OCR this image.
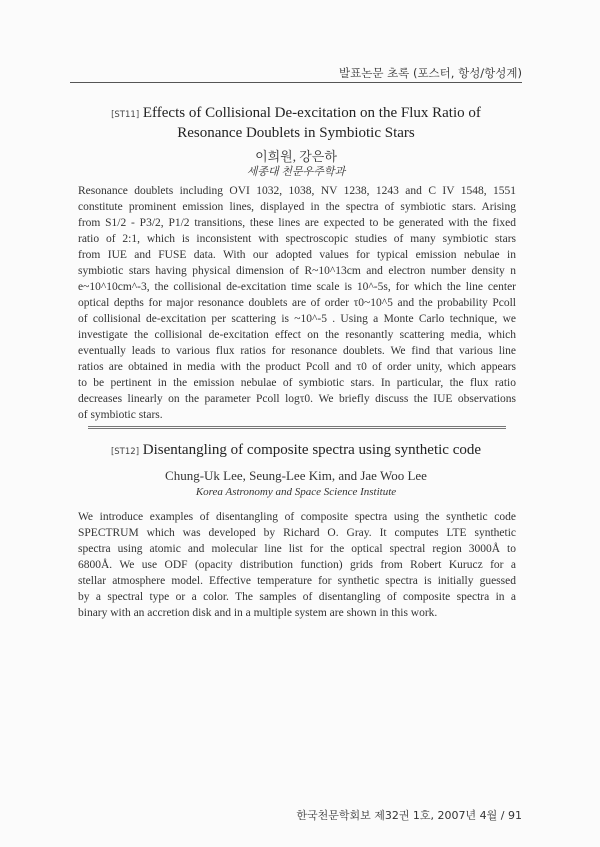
발표논문 초록 (포스터, 항성/항성계)
[ST11] Effects of Collisional De-excitation on the Flux Ratio of
Resonance Doublets in Symbiotic Stars
이희원, 강은하
세종대 천문우주학과
Resonance doublets including OVI 1032, 1038, NV 1238, 1243 and C IV 1548, 1551
constitute prominent emission lines, displayed in the spectra of symbiotic stars. Arising
from S1/2 - P3/2, P1/2 transitions, these lines are expected to be generated with the fixed
ratio of 2:1, which is inconsistent with spectroscopic studies of many symbiotic stars
from IUE and FUSE data. With our adopted values for typical emission nebulae in
symbiotic stars having physical dimension of R~10^13cm and electron number density n
e~10^10cm^-3, the collisional de-excitation time scale is 10^-5s, for which the line center
optical depths for major resonance doublets are of order τ0~10^5 and the probability Pcoll
of collisional de-excitation per scattering is ~10^-5 . Using a Monte Carlo technique, we
investigate the collisional de-excitation effect on the resonantly scattering media, which
eventually leads to various flux ratios for resonance doublets. We find that various line
ratios are obtained in media with the product Pcoll and τ0 of order unity, which appears
to be pertinent in the emission nebulae of symbiotic stars. In particular, the flux ratio
decreases linearly on the parameter Pcoll logτ0. We briefly discuss the IUE observations
of symbiotic stars.
[ST12] Disentangling of composite spectra using synthetic code
Chung-Uk Lee, Seung-Lee Kim, and Jae Woo Lee
Korea Astronomy and Space Science Institute
We introduce examples of disentangling of composite spectra using the synthetic code
SPECTRUM which was developed by Richard O. Gray. It computes LTE synthetic
spectra using atomic and molecular line list for the optical spectral region 3000Å to
6800Å. We use ODF (opacity distribution function) grids from Robert Kurucz for a
stellar atmosphere model. Effective temperature for synthetic spectra is initially guessed
by a spectral type or a color. The samples of disentangling of composite spectra in a
binary with an accretion disk and in a multiple system are shown in this work.
한국천문학회보 제32권 1호, 2007년 4월 / 91
